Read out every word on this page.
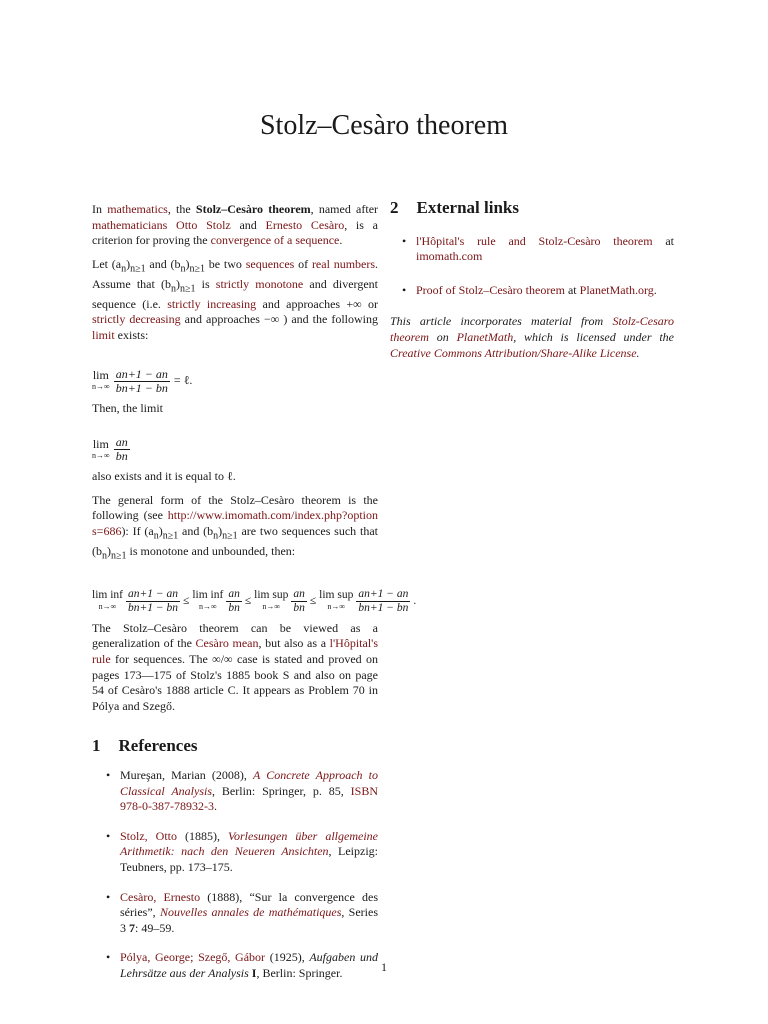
Stolz–Cesàro theorem

In mathematics, the Stolz–Cesàro theorem, named after mathematicians Otto Stolz and Ernesto Cesàro, is a criterion for proving the convergence of a sequence.

Let $(a_n)_{n\ge 1}$ and $(b_n)_{n\ge 1}$ be two sequences of real numbers. Assume that $(b_n)_{n\ge 1}$ is strictly monotone and divergent sequence (i.e. strictly increasing and approaches +∞ or strictly decreasing and approaches −∞ ) and the following limit exists:

lim
$n\to\infty \frac{an+1 - an}{bn+1 - bn}$ = ℓ.

Then, the limit

lim
$n\to\infty \frac{an}{bn}$

also exists and it is equal to ℓ.

The general form of the Stolz–Cesàro theorem is the following (see http://www.imomath.com/index.php?options=686): If $(a_n)_{n\ge 1}$ and $(b_n)_{n\ge 1}$ are two sequences such that $(b_n)_{n\ge 1}$ is monotone and unbounded, then:

lim inf
$n\to\infty \frac{an+1 - an}{bn+1 - bn} \le \lim$ inf
$n\to\infty \frac{an}{bn} \le \lim$ sup
$n\to\infty \frac{an}{bn} \le \lim$ sup
$n\to\infty \frac{an+1 - an}{bn+1 - bn}$ .

The Stolz–Cesàro theorem can be viewed as a generalization of the Cesàro mean, but also as a l'Hôpital's rule for sequences. The ∞/∞ case is stated and proved on pages 173—175 of Stolz's 1885 book S and also on page 54 of Cesàro's 1888 article C. It appears as Problem 70 in Pólya and Szegő.

1 References
• Mureşan, Marian (2008), A Concrete Approach to Classical Analysis, Berlin: Springer, p. 85, ISBN 978-0-387-78932-3.
• Stolz, Otto (1885), Vorlesungen über allgemeine Arithmetik: nach den Neueren Ansichten, Leipzig: Teubners, pp. 173–175.
• Cesàro, Ernesto (1888), “Sur la convergence des séries”, Nouvelles annales de mathématiques, Series 3 7: 49–59.
• Pólya, George; Szegő, Gábor (1925), Aufgaben und Lehrsätze aus der Analysis I, Berlin: Springer.
2 External links
• l'Hôpital's rule and Stolz-Cesàro theorem at imomath.com
• Proof of Stolz–Cesàro theorem at PlanetMath.org.

This article incorporates material from Stolz-Cesaro theorem on PlanetMath, which is licensed under the Creative Commons Attribution/Share-Alike License.

1
